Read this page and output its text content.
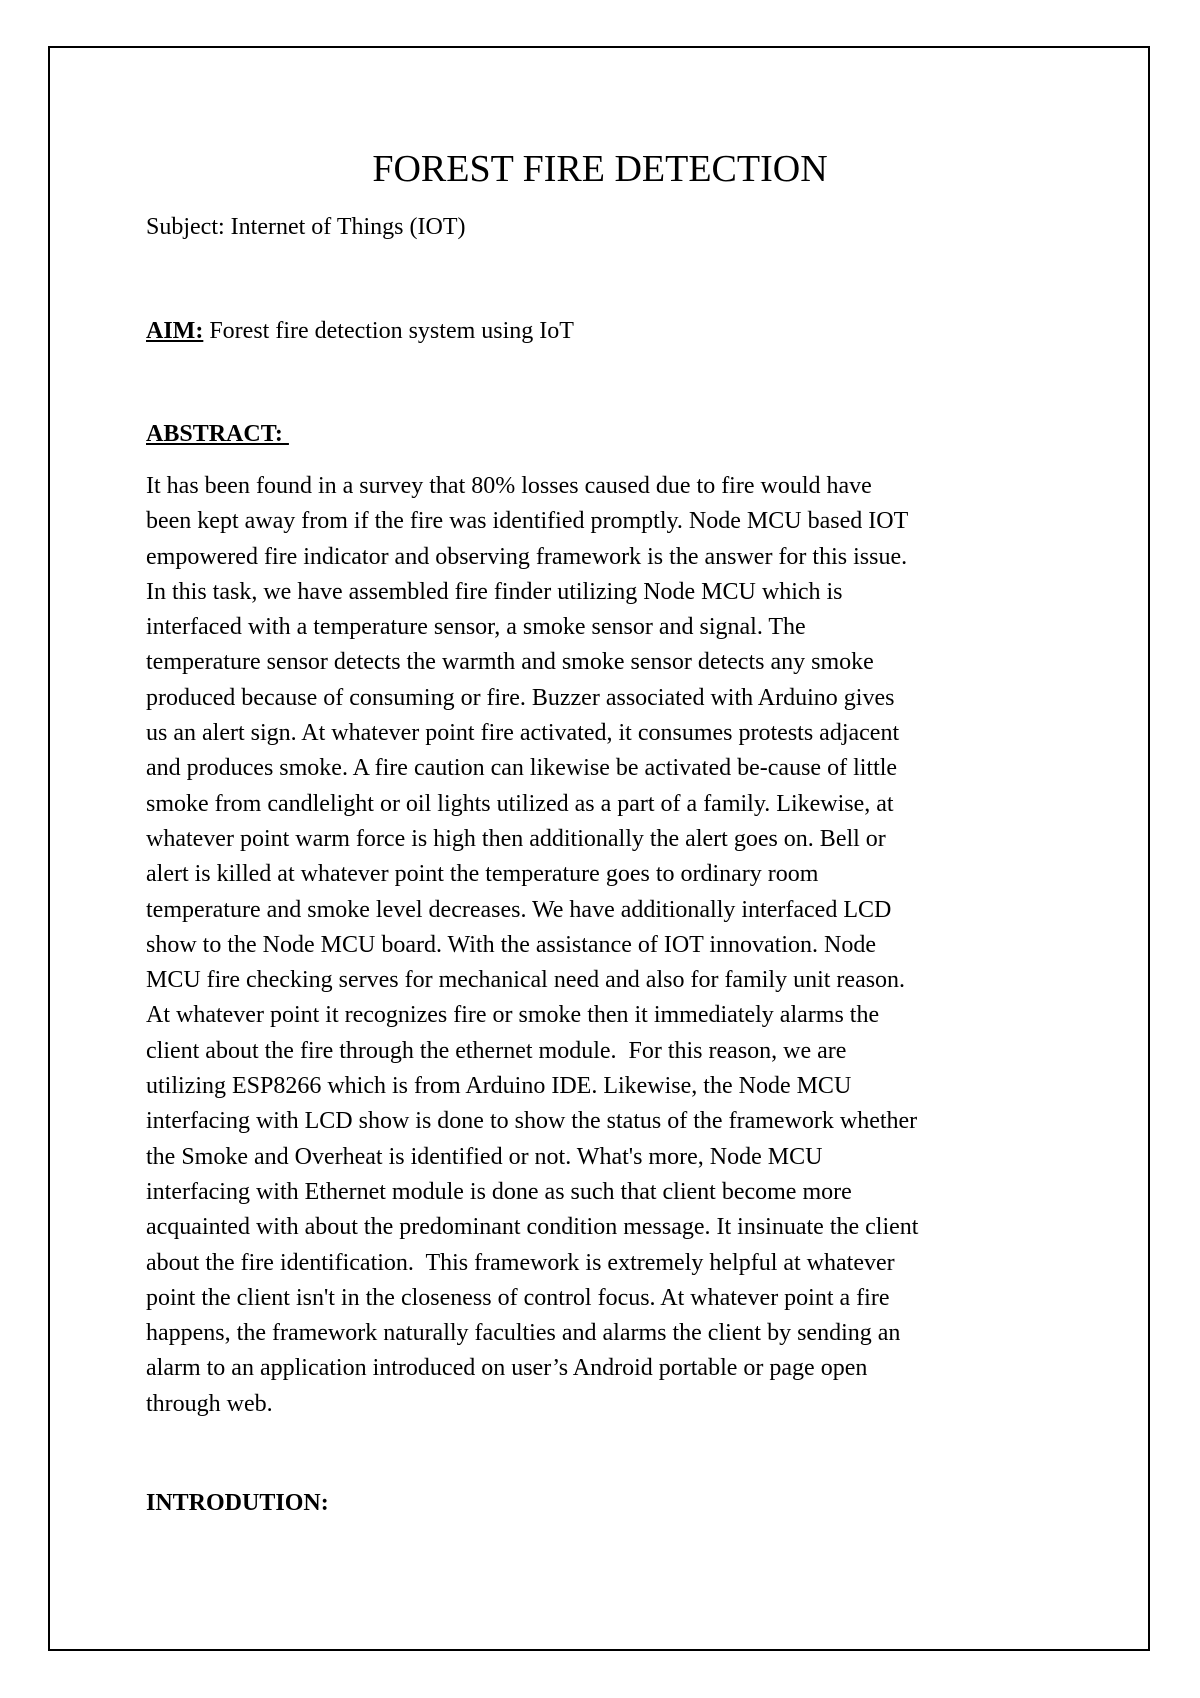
FOREST FIRE DETECTION

Subject: Internet of Things (IOT)

AIM: Forest fire detection system using IoT

ABSTRACT:

It has been found in a survey that 80% losses caused due to fire would have
been kept away from if the fire was identified promptly. Node MCU based IOT
empowered fire indicator and observing framework is the answer for this issue.
In this task, we have assembled fire finder utilizing Node MCU which is
interfaced with a temperature sensor, a smoke sensor and signal. The
temperature sensor detects the warmth and smoke sensor detects any smoke
produced because of consuming or fire. Buzzer associated with Arduino gives
us an alert sign. At whatever point fire activated, it consumes protests adjacent
and produces smoke. A fire caution can likewise be activated be-cause of little
smoke from candlelight or oil lights utilized as a part of a family. Likewise, at
whatever point warm force is high then additionally the alert goes on. Bell or
alert is killed at whatever point the temperature goes to ordinary room
temperature and smoke level decreases. We have additionally interfaced LCD
show to the Node MCU board. With the assistance of IOT innovation. Node
MCU fire checking serves for mechanical need and also for family unit reason.
At whatever point it recognizes fire or smoke then it immediately alarms the
client about the fire through the ethernet module.  For this reason, we are
utilizing ESP8266 which is from Arduino IDE. Likewise, the Node MCU
interfacing with LCD show is done to show the status of the framework whether
the Smoke and Overheat is identified or not. What's more, Node MCU
interfacing with Ethernet module is done as such that client become more
acquainted with about the predominant condition message. It insinuate the client
about the fire identification.  This framework is extremely helpful at whatever
point the client isn't in the closeness of control focus. At whatever point a fire
happens, the framework naturally faculties and alarms the client by sending an
alarm to an application introduced on user’s Android portable or page open
through web.

INTRODUTION:
